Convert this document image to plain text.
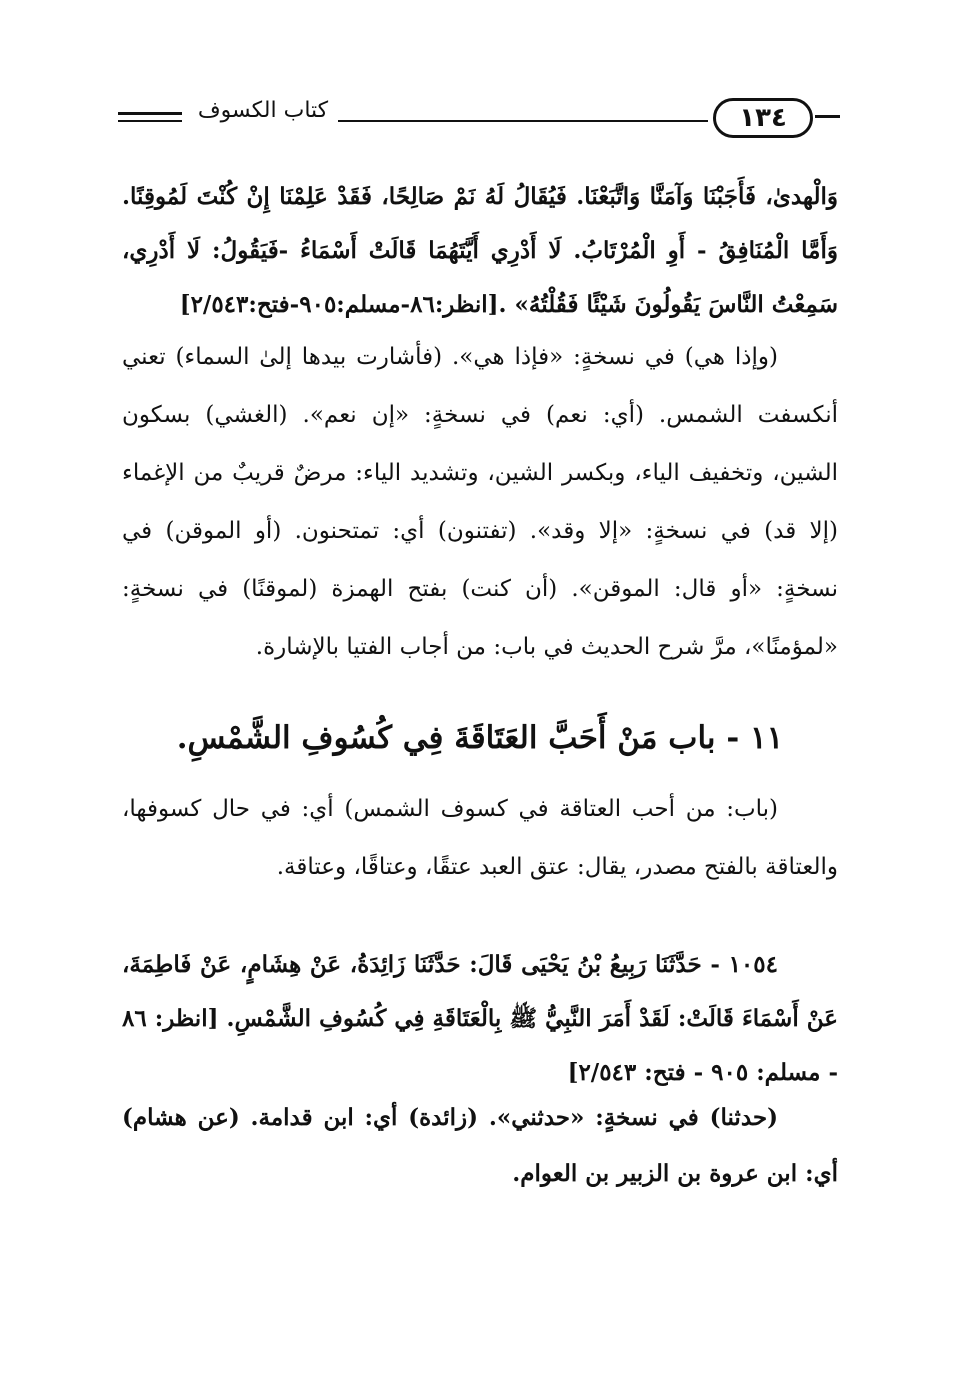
كتاب الكسوف	١٣٤
وَالْهدىٰ، فَأَجَبْنَا وَآمَنَّا وَاتَّبَعْنَا. فَيُقَالُ لَهُ نَمْ صَالِحًا، فَقَدْ عَلِمْنَا إِنْ كُنْتَ لَمُوقِنًا. وَأَمَّا الْمُنَافِقُ - أَوِ الْمُرْتَابُ. لَا أَدْرِي أَيَّتَهُمَا قَالَتْ أَسْمَاءُ -فَيَقُولُ: لَا أَدْرِي، سَمِعْتُ النَّاسَ يَقُولُونَ شَيْئًا فَقُلْتُهُ» .[انظر:٨٦-مسلم:٩٠٥-فتح:٢/٥٤٣]
(وإذا هي) في نسخةٍ: «فإذا هي». (فأشارت بيدها إلىٰ السماء) تعني أنكسفت الشمس. (أي: نعم) في نسخةٍ: «إن نعم». (الغشي) بسكون الشين، وتخفيف الياء، وبكسر الشين، وتشديد الياء: مرضٌ قريبٌ من الإغماء (إلا قد) في نسخةٍ: «إلا وقد». (تفتنون) أي: تمتحنون. (أو الموقن) في نسخةٍ: «أو قال: الموقن». (أن كنت) بفتح الهمزة (لموقنًا) في نسخةٍ: «لمؤمنًا»، مرَّ شرح الحديث في باب: من أجاب الفتيا بالإشارة.
١١ - باب مَنْ أَحَبَّ العَتَاقَةَ فِي كُسُوفِ الشَّمْسِ.
(باب: من أحب العتاقة في كسوف الشمس) أي: في حال كسوفها، والعتاقة بالفتح مصدر، يقال: عتق العبد عتقًا، وعتاقًا، وعتاقة.
١٠٥٤ - حَدَّثَنَا رَبِيعُ بْنُ يَحْيَى قَالَ: حَدَّثَنَا زَائِدَةُ، عَنْ هِشَامٍ، عَنْ فَاطِمَةَ، عَنْ أَسْمَاءَ قَالَتْ: لَقَدْ أَمَرَ النَّبِيُّ ﷺ بِالْعَتَاقَةِ فِي كُسُوفِ الشَّمْسِ. [انظر: ٨٦ - مسلم: ٩٠٥ - فتح: ٢/٥٤٣]
(حدثنا) في نسخةٍ: «حدثني». (زائدة) أي: ابن قدامة. (عن هشام) أي: ابن عروة بن الزبير بن العوام.
